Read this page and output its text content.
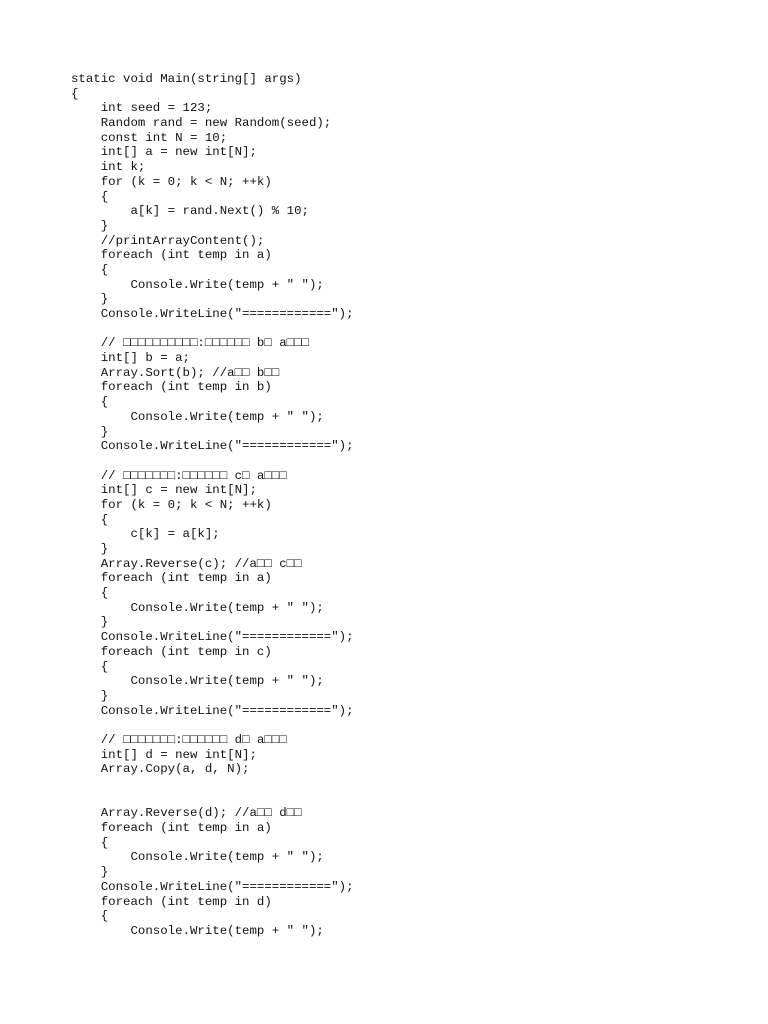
static void Main(string[] args)
{
int seed = 123;
Random rand = new Random(seed);
const int N = 10;
int[] a = new int[N];
int k;
for (k = 0; k < N; ++k)
{
a[k] = rand.Next() % 10;
}
//printArrayContent();
foreach (int temp in a)
{
Console.Write(temp + " ");
}
Console.WriteLine("============");
// □□□□□□□□□□:□□□□□□ b□ a□□□
int[] b = a;
Array.Sort(b); //a□□ b□□
foreach (int temp in b)
{
Console.Write(temp + " ");
}
Console.WriteLine("============");
// □□□□□□□:□□□□□□ c□ a□□□
int[] c = new int[N];
for (k = 0; k < N; ++k)
{
c[k] = a[k];
}
Array.Reverse(c); //a□□ c□□
foreach (int temp in a)
{
Console.Write(temp + " ");
}
Console.WriteLine("============");
foreach (int temp in c)
{
Console.Write(temp + " ");
}
Console.WriteLine("============");
// □□□□□□□:□□□□□□ d□ a□□□
int[] d = new int[N];
Array.Copy(a, d, N);
Array.Reverse(d); //a□□ d□□
foreach (int temp in a)
{
Console.Write(temp + " ");
}
Console.WriteLine("============");
foreach (int temp in d)
{
Console.Write(temp + " ");
